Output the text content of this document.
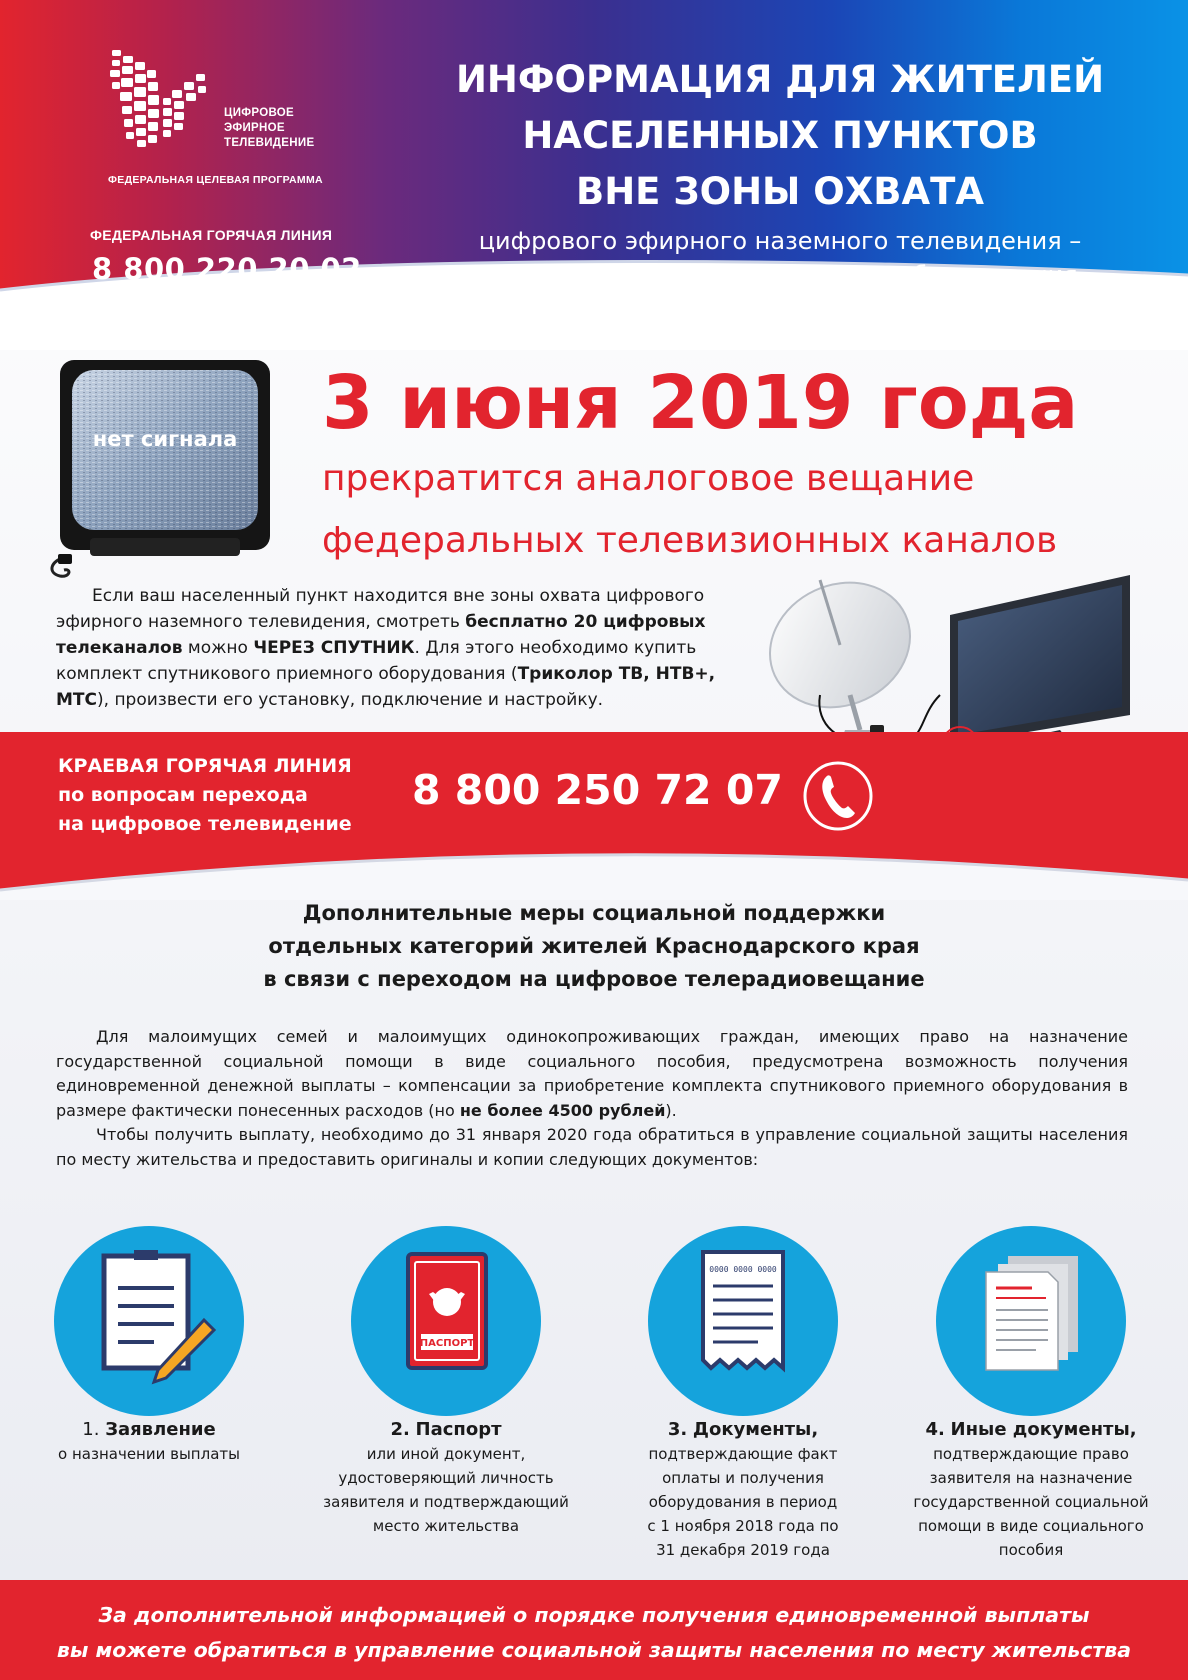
ЦИФРОВОЕ
ЭФИРНОЕ
ТЕЛЕВИДЕНИЕ
ФЕДЕРАЛЬНАЯ ЦЕЛЕВАЯ ПРОГРАММА
ФЕДЕРАЛЬНАЯ ГОРЯЧАЯ ЛИНИЯ
8 800 220 20 02
ИНФОРМАЦИЯ ДЛЯ ЖИТЕЛЕЙ
НАСЕЛЕННЫХ ПУНКТОВ
ВНЕ ЗОНЫ ОХВАТА
цифрового эфирного наземного телевидения –
домохозяйств без спутникового оборудования
нет сигнала 3 июня 2019 года
прекратится аналоговое вещание
федеральных телевизионных каналов
Если ваш населенный пункт находится вне зоны охвата цифрового эфирного наземного телевидения, смотреть бесплатно 20 цифровых телеканалов можно ЧЕРЕЗ СПУТНИК. Для этого необходимо купить комплект спутникового приемного оборудования (Триколор ТВ, НТВ+, МТС), произвести его установку, подключение и настройку.
КРАЕВАЯ ГОРЯЧАЯ ЛИНИЯ
по вопросам перехода
на цифровое телевидение
8 800 250 72 07
Дополнительные меры социальной поддержки
отдельных категорий жителей Краснодарского края
в связи с переходом на цифровое телерадиовещание

Для малоимущих семей и малоимущих одинокопроживающих граждан, имеющих право на назначение государственной социальной помощи в виде социального пособия, предусмотрена возможность получения единовременной денежной выплаты – компенсации за приобретение комплекта спутникового приемного оборудования в размере фактически понесенных расходов (но не более 4500 рублей).

Чтобы получить выплату, необходимо до 31 января 2020 года обратиться в управление социальной защиты населения по месту жительства и предоставить оригиналы и копии следующих документов:

ПАСПОРТ
0000 0000 0000
1. Заявление
о назначении выплаты
2. Паспорт
или иной документ,
удостоверяющий личность
заявителя и подтверждающий
место жительства
3. Документы,
подтверждающие факт
оплаты и получения
оборудования в период
с 1 ноября 2018 года по
31 декабря 2019 года
4. Иные документы,
подтверждающие право
заявителя на назначение
государственной социальной
помощи в виде социального
пособия
За дополнительной информацией о порядке получения единовременной выплаты
вы можете обратиться в управление социальной защиты населения по месту жительства
